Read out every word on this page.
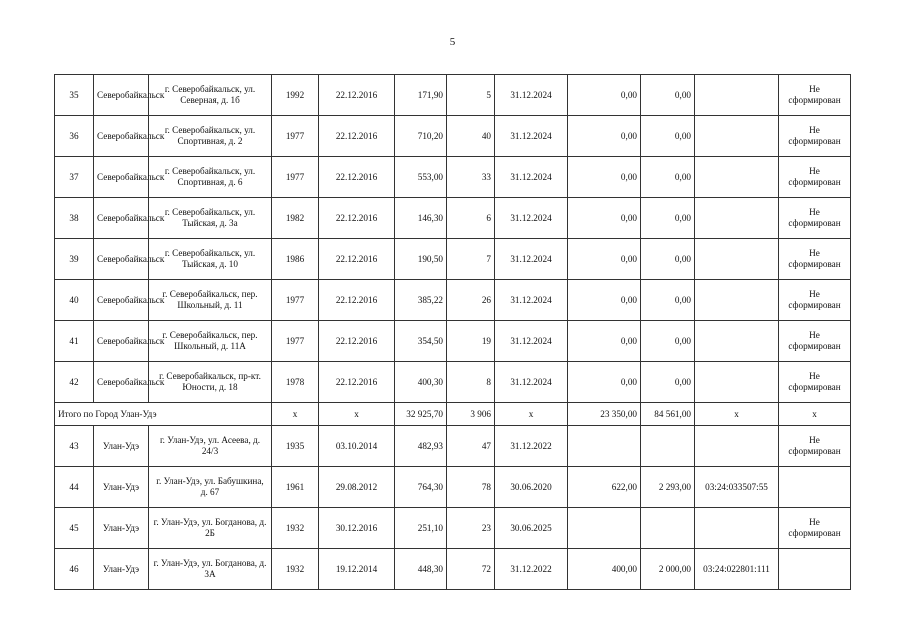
5
35	Северобайкальск	г. Северобайкальск, ул. Северная, д. 1б	1992	22.12.2016	171,90	5	31.12.2024	0,00	0,00		Не сформирован
36	Северобайкальск	г. Северобайкальск, ул. Спортивная, д. 2	1977	22.12.2016	710,20	40	31.12.2024	0,00	0,00		Не сформирован
37	Северобайкальск	г. Северобайкальск, ул. Спортивная, д. 6	1977	22.12.2016	553,00	33	31.12.2024	0,00	0,00		Не сформирован
38	Северобайкальск	г. Северобайкальск, ул. Тыйская, д. 3а	1982	22.12.2016	146,30	6	31.12.2024	0,00	0,00		Не сформирован
39	Северобайкальск	г. Северобайкальск, ул. Тыйская, д. 10	1986	22.12.2016	190,50	7	31.12.2024	0,00	0,00		Не сформирован
40	Северобайкальск	г. Северобайкальск, пер. Школьный, д. 11	1977	22.12.2016	385,22	26	31.12.2024	0,00	0,00		Не сформирован
41	Северобайкальск	г. Северобайкальск, пер. Школьный, д. 11А	1977	22.12.2016	354,50	19	31.12.2024	0,00	0,00		Не сформирован
42	Северобайкальск	г. Северобайкальск, пр-кт. Юности, д. 18	1978	22.12.2016	400,30	8	31.12.2024	0,00	0,00		Не сформирован
Итого по Город Улан-Удэ			х	х	32 925,70	3 906	х	23 350,00	84 561,00	х	х
43	Улан-Удэ	г. Улан-Удэ, ул. Асеева, д. 24/3	1935	03.10.2014	482,93	47	31.12.2022				Не сформирован
44	Улан-Удэ	г. Улан-Удэ, ул. Бабушкина, д. 67	1961	29.08.2012	764,30	78	30.06.2020	622,00	2 293,00	03:24:033507:55	
45	Улан-Удэ	г. Улан-Удэ, ул. Богданова, д. 2Б	1932	30.12.2016	251,10	23	30.06.2025				Не сформирован
46	Улан-Удэ	г. Улан-Удэ, ул. Богданова, д. 3А	1932	19.12.2014	448,30	72	31.12.2022	400,00	2 000,00	03:24:022801:111	
